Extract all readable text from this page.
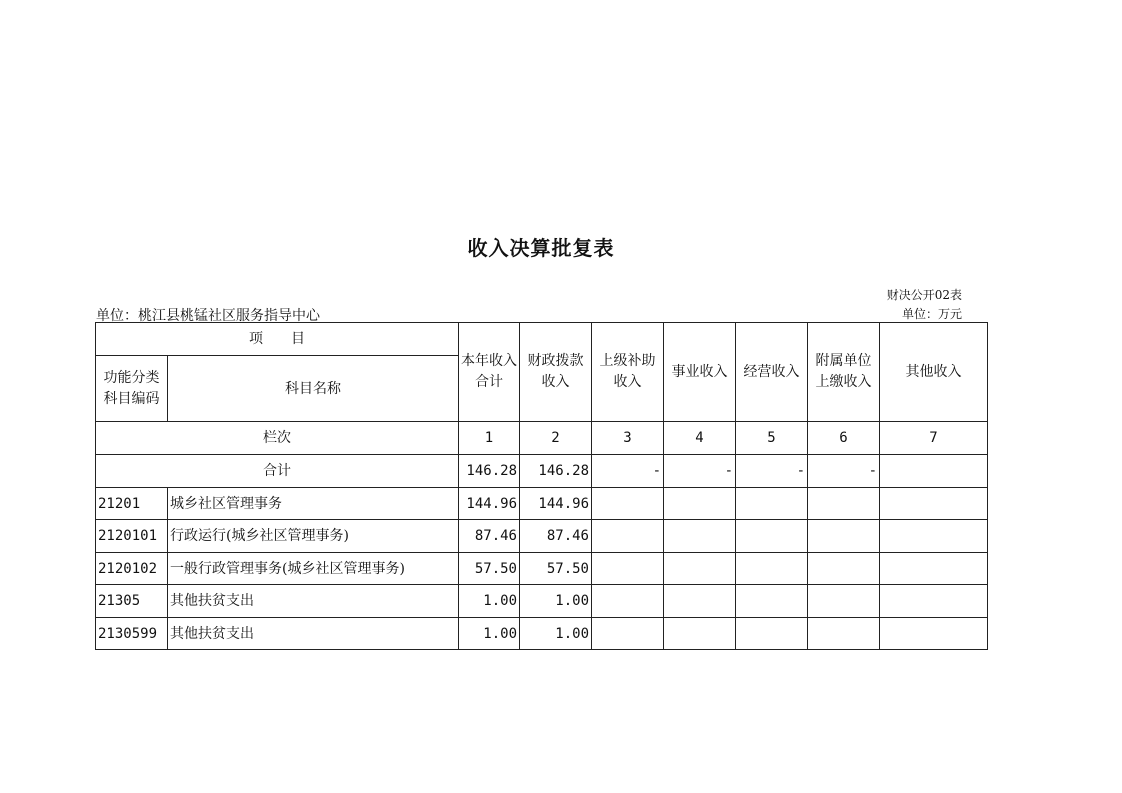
收入决算批复表
财决公开02表
单位：桃江县桃锰社区服务指导中心	单位：万元
项　　目		本年收入合计	财政拨款收入	上级补助收入	事业收入	经营收入	附属单位上缴收入	其他收入
功能分类科目编码	科目名称							
栏次		1	2	3	4	5	6	7
合计		146.28	146.28	-	-	-	-	
21201	城乡社区管理事务	144.96	144.96					
2120101	行政运行(城乡社区管理事务)	87.46	87.46					
2120102	一般行政管理事务(城乡社区管理事务)	57.50	57.50					
21305	其他扶贫支出	1.00	1.00					
2130599	其他扶贫支出	1.00	1.00					
